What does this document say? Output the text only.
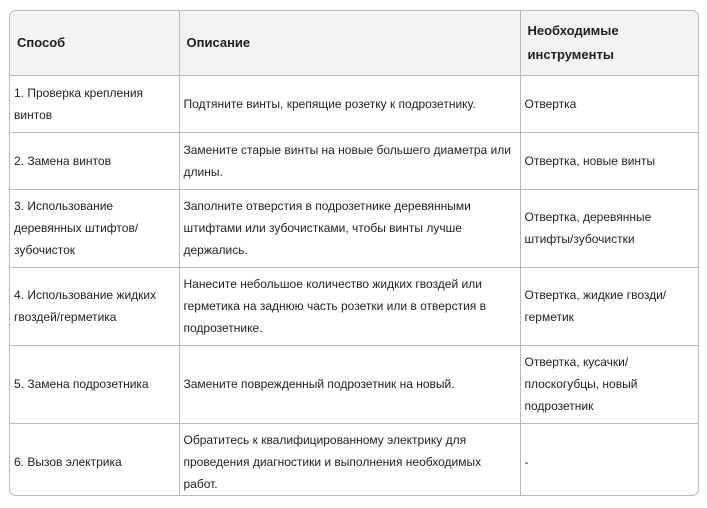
Способ	Описание	Необходимые инструменты
1. Проверка крепления винтов	Подтяните винты, крепящие розетку к подрозетнику.	Отвертка
2. Замена винтов	Замените старые винты на новые большего диаметра или длины.	Отвертка, новые винты
3. Использование деревянных штифтов/зубочисток	Заполните отверстия в подрозетнике деревянными штифтами или зубочистками, чтобы винты лучше держались.	Отвертка, деревянные штифты/зубочистки
4. Использование жидких гвоздей/герметика	Нанесите небольшое количество жидких гвоздей или герметика на заднюю часть розетки или в отверстия в подрозетнике.	Отвертка, жидкие гвозди/ герметик
5. Замена подрозетника	Замените поврежденный подрозетник на новый.	Отвертка, кусачки/ плоскогубцы, новый подрозетник
6. Вызов электрика	Обратитесь к квалифицированному электрику для проведения диагностики и выполнения необходимых работ.	-
